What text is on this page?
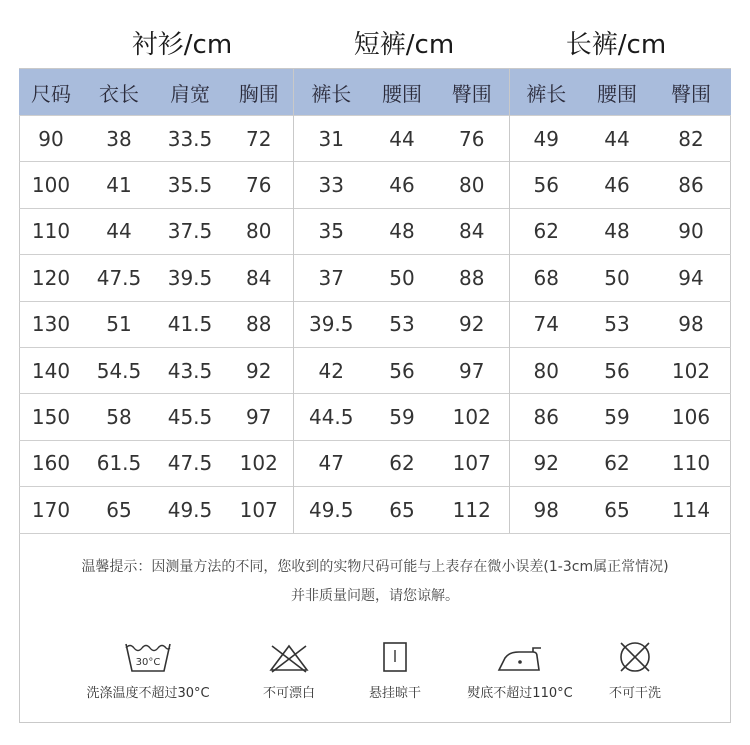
衬衫/cm	短裤/cm	长裤/cm
尺码	衣长	肩宽	胸围	裤长	腰围	臀围	裤长	腰围	臀围
90	38	33.5	72	31	44	76	49	44	82
100	41	35.5	76	33	46	80	56	46	86
110	44	37.5	80	35	48	84	62	48	90
120	47.5	39.5	84	37	50	88	68	50	94
130	51	41.5	88	39.5	53	92	74	53	98
140	54.5	43.5	92	42	56	97	80	56	102
150	58	45.5	97	44.5	59	102	86	59	106
160	61.5	47.5	102	47	62	107	92	62	110
170	65	49.5	107	49.5	65	112	98	65	114
温馨提示：因测量方法的不同，您收到的实物尺码可能与上表存在微小误差(1-3cm属正常情况)
并非质量问题，请您谅解。
30°C
洗涤温度不超过30°C	不可漂白	悬挂晾干	熨底不超过110°C	不可干洗
